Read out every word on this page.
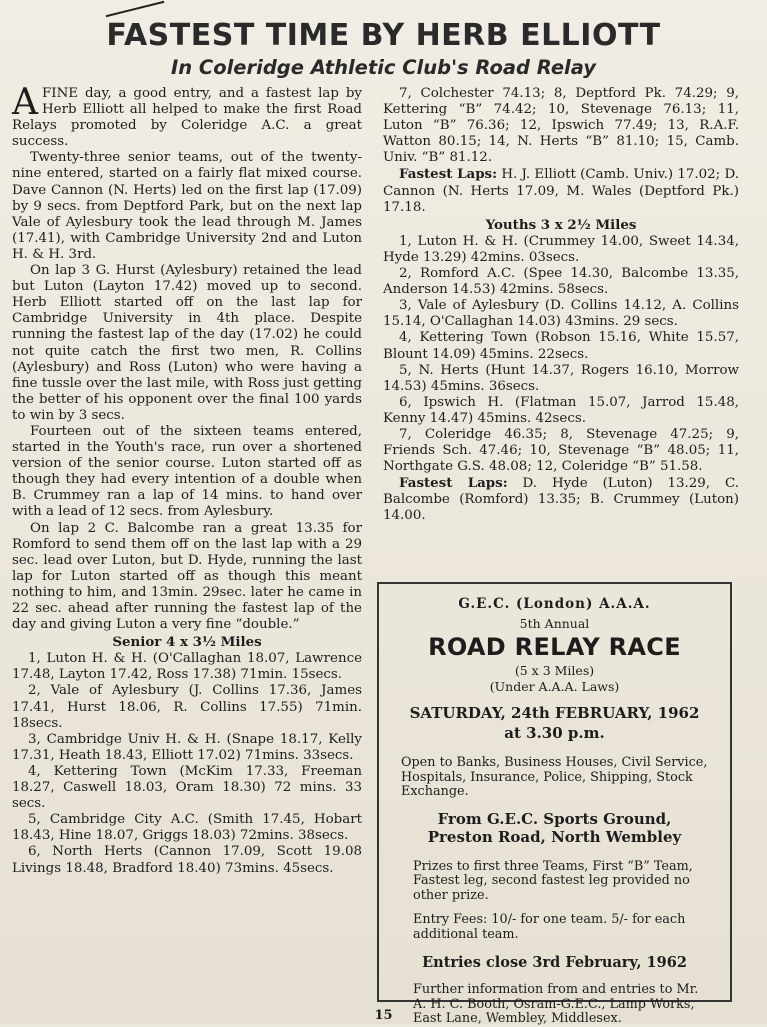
FASTEST TIME BY HERB ELLIOTT
In Coleridge Athletic Club's Road Relay

A FINE day, a good entry, and a fastest lap by Herb Elliott all helped to make the first Road Relays promoted by Coleridge A.C. a great success.

Twenty-three senior teams, out of the twenty-nine entered, started on a fairly flat mixed course. Dave Cannon (N. Herts) led on the first lap (17.09) by 9 secs. from Deptford Park, but on the next lap Vale of Aylesbury took the lead through M. James (17.41), with Cambridge University 2nd and Luton H. & H. 3rd.

On lap 3 G. Hurst (Aylesbury) retained the lead but Luton (Layton 17.42) moved up to second. Herb Elliott started off on the last lap for Cambridge University in 4th place. Despite running the fastest lap of the day (17.02) he could not quite catch the first two men, R. Collins (Aylesbury) and Ross (Luton) who were having a fine tussle over the last mile, with Ross just getting the better of his opponent over the final 100 yards to win by 3 secs.

Fourteen out of the sixteen teams entered, started in the Youth's race, run over a shortened version of the senior course. Luton started off as though they had every intention of a double when B. Crummey ran a lap of 14 mins. to hand over with a lead of 12 secs. from Aylesbury.

On lap 2 C. Balcombe ran a great 13.35 for Romford to send them off on the last lap with a 29 sec. lead over Luton, but D. Hyde, running the last lap for Luton started off as though this meant nothing to him, and 13min. 29sec. later he came in 22 sec. ahead after running the fastest lap of the day and giving Luton a very fine “double.”

Senior 4 x 3½ Miles

1, Luton H. & H. (O'Callaghan 18.07, Lawrence 17.48, Layton 17.42, Ross 17.38) 71min. 15secs.

2, Vale of Aylesbury (J. Collins 17.36, James 17.41, Hurst 18.06, R. Collins 17.55) 71min. 18secs.

3, Cambridge Univ H. & H. (Snape 18.17, Kelly 17.31, Heath 18.43, Elliott 17.02) 71mins. 33secs.

4, Kettering Town (McKim 17.33, Freeman 18.27, Caswell 18.03, Oram 18.30) 72 mins. 33 secs.

5, Cambridge City A.C. (Smith 17.45, Hobart 18.43, Hine 18.07, Griggs 18.03) 72mins. 38secs.

6, North Herts (Cannon 17.09, Scott 19.08 Livings 18.48, Bradford 18.40) 73mins. 45secs.

7, Colchester 74.13; 8, Deptford Pk. 74.29; 9, Kettering “B” 74.42; 10, Stevenage 76.13; 11, Luton “B” 76.36; 12, Ipswich 77.49; 13, R.A.F. Watton 80.15; 14, N. Herts “B” 81.10; 15, Camb. Univ. “B” 81.12.

Fastest Laps: H. J. Elliott (Camb. Univ.) 17.02; D. Cannon (N. Herts 17.09, M. Wales (Deptford Pk.) 17.18.

Youths 3 x 2½ Miles

1, Luton H. & H. (Crummey 14.00, Sweet 14.34, Hyde 13.29) 42mins. 03secs.

2, Romford A.C. (Spee 14.30, Balcombe 13.35, Anderson 14.53) 42mins. 58secs.

3, Vale of Aylesbury (D. Collins 14.12, A. Collins 15.14, O'Callaghan 14.03) 43mins. 29 secs.

4, Kettering Town (Robson 15.16, White 15.57, Blount 14.09) 45mins. 22secs.

5, N. Herts (Hunt 14.37, Rogers 16.10, Morrow 14.53) 45mins. 36secs.

6, Ipswich H. (Flatman 15.07, Jarrod 15.48, Kenny 14.47) 45mins. 42secs.

7, Coleridge 46.35; 8, Stevenage 47.25; 9, Friends Sch. 47.46; 10, Stevenage “B” 48.05; 11, Northgate G.S. 48.08; 12, Coleridge “B” 51.58.

Fastest Laps: D. Hyde (Luton) 13.29, C. Balcombe (Romford) 13.35; B. Crummey (Luton) 14.00.

G.E.C. (London) A.A.A.
5th Annual
ROAD RELAY RACE
(5 x 3 Miles)
(Under A.A.A. Laws)
SATURDAY, 24th FEBRUARY, 1962
at 3.30 p.m.
Open to Banks, Business Houses, Civil Service, Hospitals, Insurance, Police, Shipping, Stock Exchange.
From G.E.C. Sports Ground,
Preston Road, North Wembley
Prizes to first three Teams, First “B” Team, Fastest leg, second fastest leg provided no other prize.
Entry Fees: 10/- for one team. 5/- for each additional team.
Entries close 3rd February, 1962
Further information from and entries to Mr. A. H. C. Booth, Osram-G.E.C., Lamp Works, East Lane, Wembley, Middlesex.
15
